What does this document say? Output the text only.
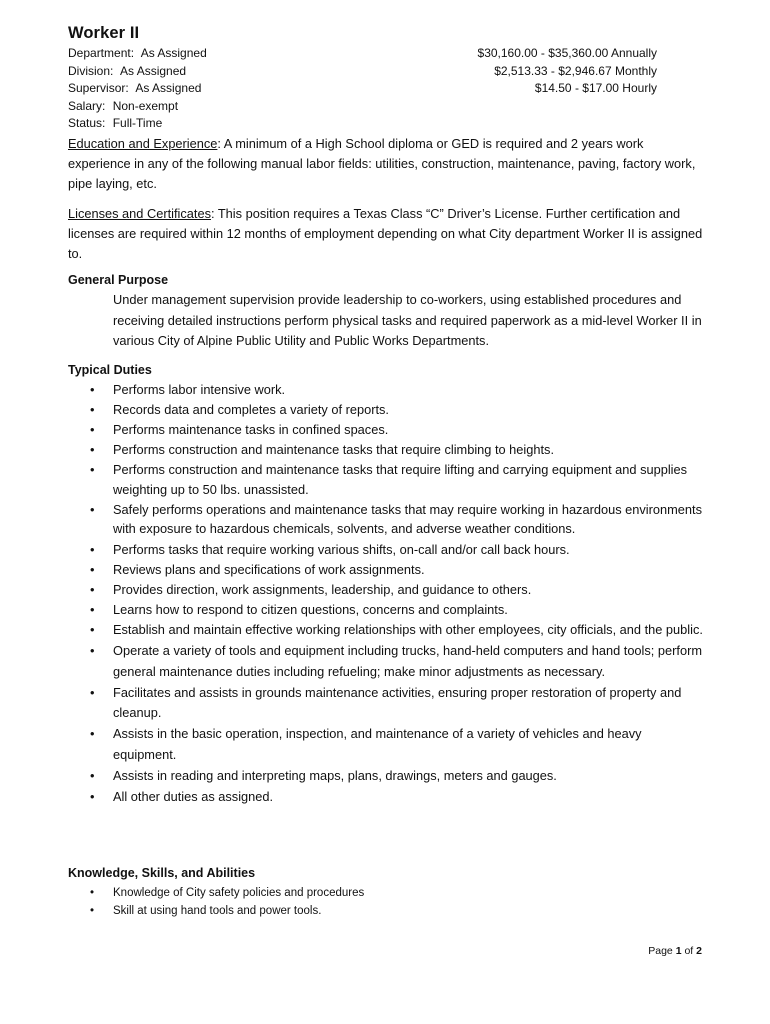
Worker II
Department: As Assigned
Division: As Assigned
Supervisor: As Assigned
Salary: Non-exempt
Status: Full-Time
$30,160.00 - $35,360.00 Annually
$2,513.33 - $2,946.67 Monthly
$14.50 - $17.00 Hourly
Education and Experience: A minimum of a High School diploma or GED is required and 2 years work experience in any of the following manual labor fields: utilities, construction, maintenance, paving, factory work, pipe laying, etc.
Licenses and Certificates: This position requires a Texas Class “C” Driver’s License. Further certification and licenses are required within 12 months of employment depending on what City department Worker II is assigned to.
General Purpose
Under management supervision provide leadership to co-workers, using established procedures and receiving detailed instructions perform physical tasks and required paperwork as a mid-level Worker II in various City of Alpine Public Utility and Public Works Departments.
Typical Duties
• Performs labor intensive work.
• Records data and completes a variety of reports.
• Performs maintenance tasks in confined spaces.
• Performs construction and maintenance tasks that require climbing to heights.
• Performs construction and maintenance tasks that require lifting and carrying equipment and supplies weighting up to 50 lbs. unassisted.
• Safely performs operations and maintenance tasks that may require working in hazardous environments with exposure to hazardous chemicals, solvents, and adverse weather conditions.
• Performs tasks that require working various shifts, on-call and/or call back hours.
• Reviews plans and specifications of work assignments.
• Provides direction, work assignments, leadership, and guidance to others.
• Learns how to respond to citizen questions, concerns and complaints.
• Establish and maintain effective working relationships with other employees, city officials, and the public.
• Operate a variety of tools and equipment including trucks, hand-held computers and hand tools; perform general maintenance duties including refueling; make minor adjustments as necessary.
• Facilitates and assists in grounds maintenance activities, ensuring proper restoration of property and cleanup.
• Assists in the basic operation, inspection, and maintenance of a variety of vehicles and heavy equipment.
• Assists in reading and interpreting maps, plans, drawings, meters and gauges.
• All other duties as assigned.
Knowledge, Skills, and Abilities
• Knowledge of City safety policies and procedures
• Skill at using hand tools and power tools.
Page 1 of 2
